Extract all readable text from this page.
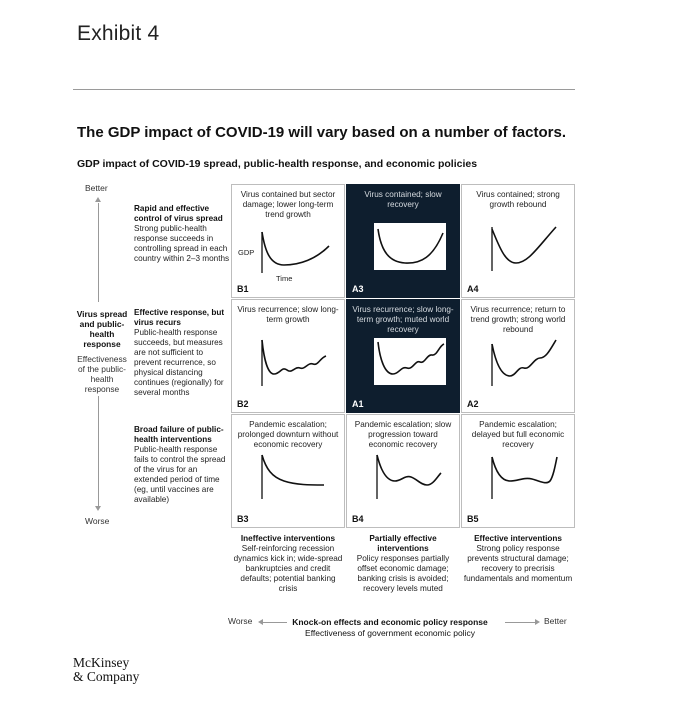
Exhibit 4
The GDP impact of COVID-19 will vary based on a number of factors.
GDP impact of COVID-19 spread, public-health response, and economic policies
Better
Virus spread and public-health response
Effectiveness of the public-health response
Worse
Rapid and effective control of virus spread
Strong public-health response succeeds in controlling spread in each country within 2–3 months
Effective response, but virus recurs
Public-health response succeeds, but measures are not sufficient to prevent recurrence, so physical distancing continues (regionally) for several months
Broad failure of public-health interventions
Public-health response fails to control the spread of the virus for an extended period of time (eg, until vaccines are available)
Virus contained but sector damage; lower long-term trend growth
GDP
Time
B1
Virus contained; slow recovery
A3
Virus contained; strong growth rebound
A4
Virus recurrence; slow long-term growth
B2
Virus recurrence; slow long-term growth; muted world recovery
A1
Virus recurrence; return to trend growth; strong world rebound
A2
Pandemic escalation; prolonged downturn without economic recovery
B3
Pandemic escalation; slow progression toward economic recovery
B4
Pandemic escalation; delayed but full economic recovery
B5
Ineffective interventions
Self-reinforcing recession dynamics kick in; wide-spread bankruptcies and credit defaults; potential banking crisis
Partially effective interventions
Policy responses partially offset economic damage; banking crisis is avoided; recovery levels muted
Effective interventions
Strong policy response prevents structural damage; recovery to precrisis fundamentals and momentum
Worse	Knock-on effects and economic policy response
Effectiveness of government economic policy
Better
McKinsey
& Company
